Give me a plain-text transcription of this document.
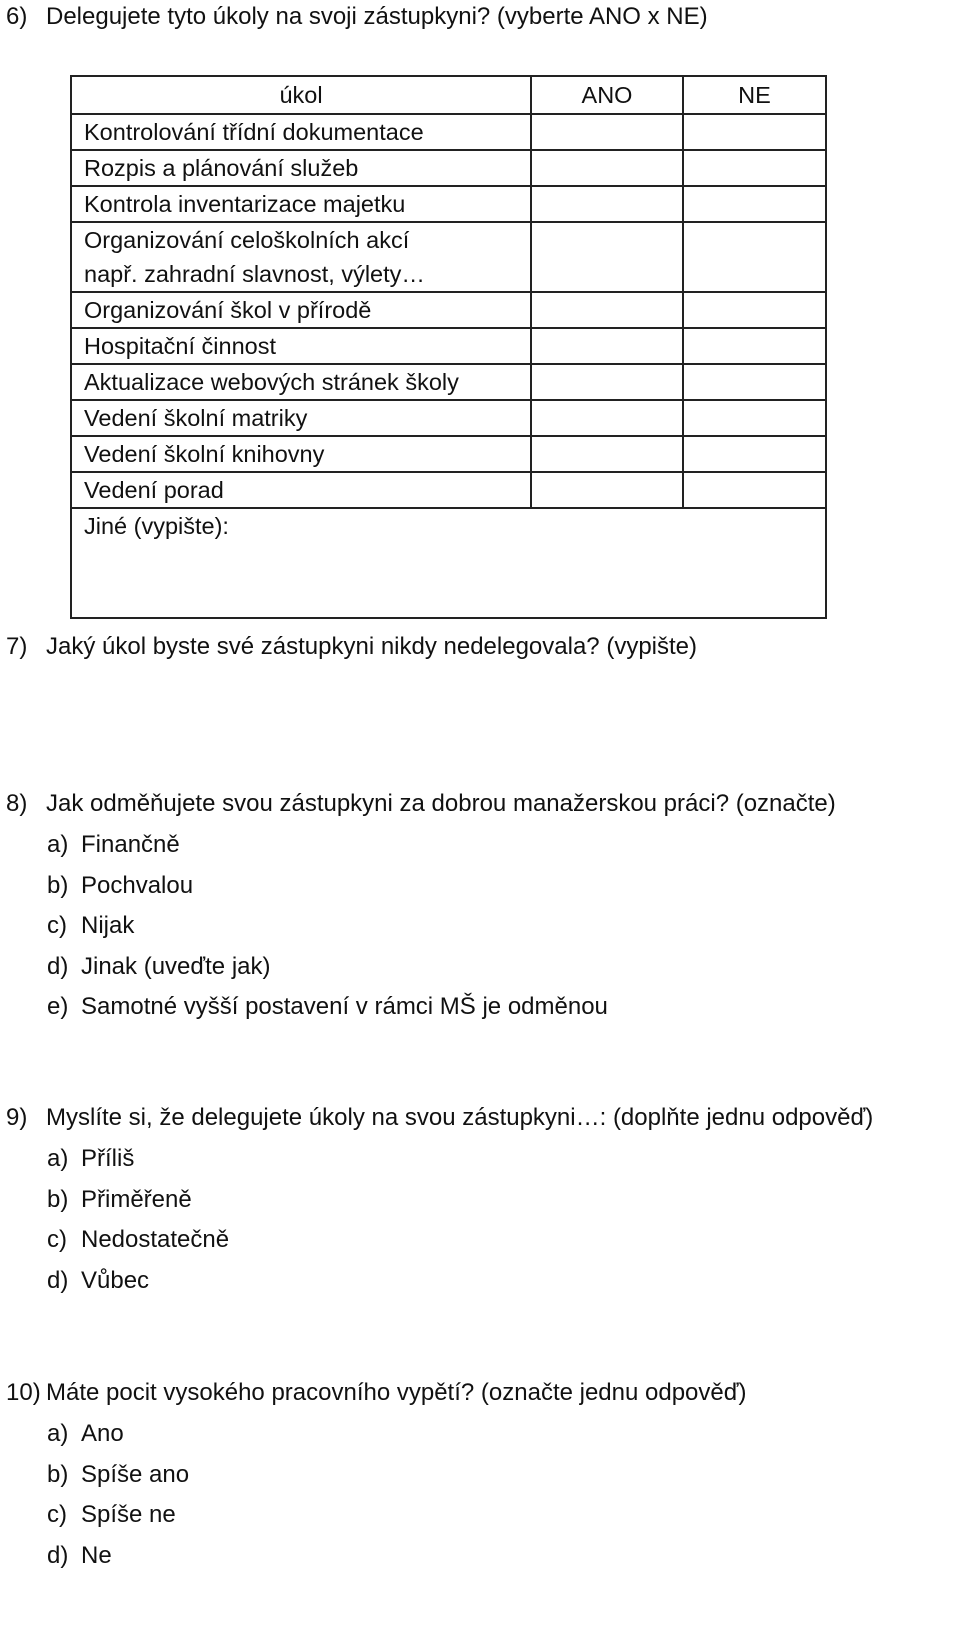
6) Delegujete tyto úkoly na svoji zástupkyni? (vyberte ANO x NE)
úkol	ANO	NE
Kontrolování třídní dokumentace		
Rozpis a plánování služeb		
Kontrola inventarizace majetku		
Organizování celoškolních akcí
např. zahradní slavnost, výlety…		
Organizování škol v přírodě		
Hospitační činnost		
Aktualizace webových stránek školy		
Vedení školní matriky		
Vedení školní knihovny		
Vedení porad		
Jiné (vypište):		
7) Jaký úkol byste své zástupkyni nikdy nedelegovala? (vypište)
8) Jak odměňujete svou zástupkyni za dobrou manažerskou práci? (označte)
a) Finančně
b) Pochvalou
c) Nijak
d) Jinak (uveďte jak)
e) Samotné vyšší postavení v rámci MŠ je odměnou
9) Myslíte si, že delegujete úkoly na svou zástupkyni…: (doplňte jednu odpověď)
a) Příliš
b) Přiměřeně
c) Nedostatečně
d) Vůbec
10) Máte pocit vysokého pracovního vypětí? (označte jednu odpověď)
a) Ano
b) Spíše ano
c) Spíše ne
d) Ne
